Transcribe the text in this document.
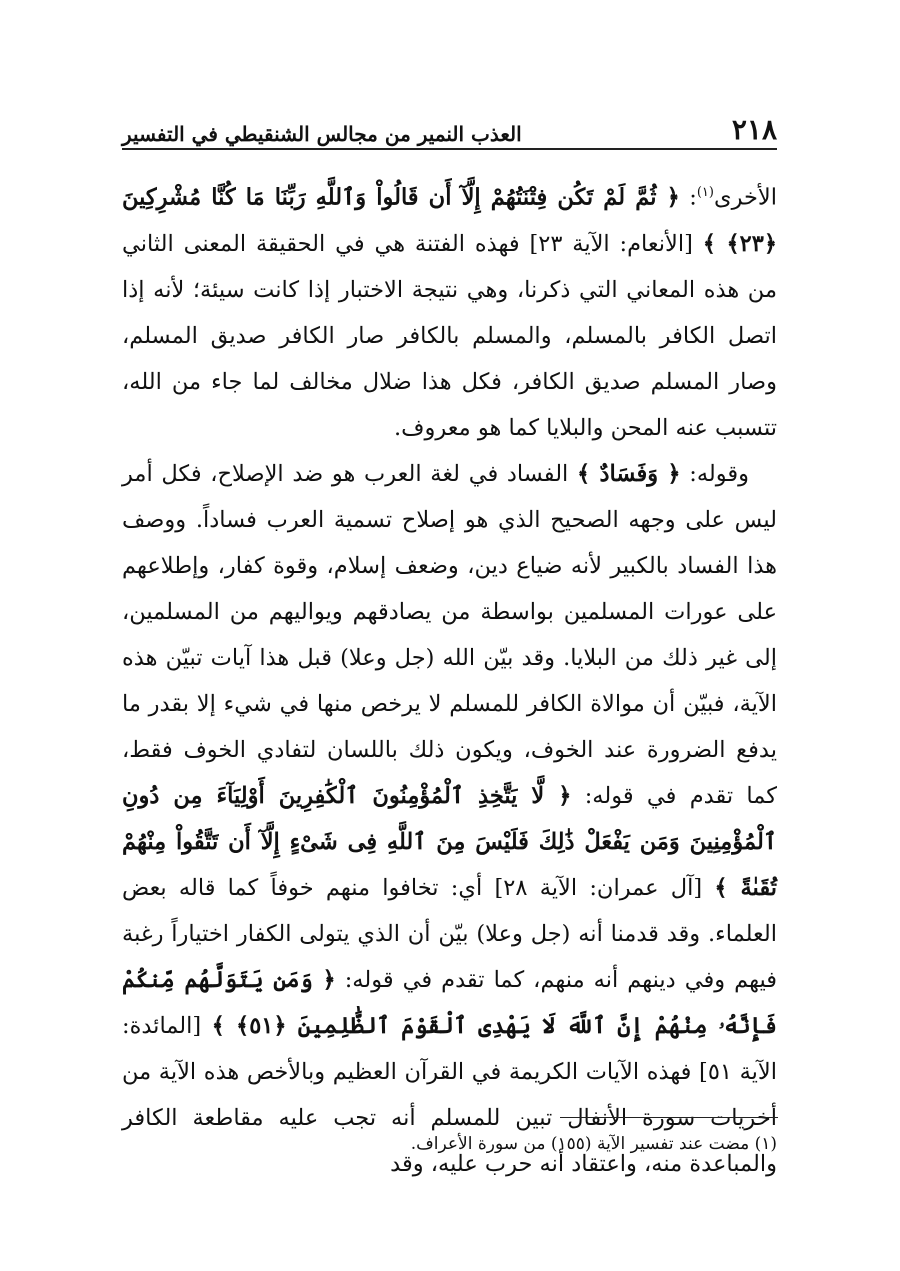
٢١٨
العذب النمير من مجالس الشنقيطي في التفسير

الأخرى$^{(١)}$: ﴿ ثُمَّ لَمْ تَكُن فِتْنَتُهُمْ إِلَّآ أَن قَالُواْ وَٱللَّهِ رَبِّنَا مَا كُنَّا مُشْرِكِينَ ﴿٢٣﴾ ﴾ [الأنعام: الآية ٢٣] فهذه الفتنة هي في الحقيقة المعنى الثاني من هذه المعاني التي ذكرنا، وهي نتيجة الاختبار إذا كانت سيئة؛ لأنه إذا اتصل الكافر بالمسلم، والمسلم بالكافر صار الكافر صديق المسلم، وصار المسلم صديق الكافر، فكل هذا ضلال مخالف لما جاء من الله، تتسبب عنه المحن والبلايا كما هو معروف.

وقوله: ﴿ وَفَسَادٌ ﴾ الفساد في لغة العرب هو ضد الإصلاح، فكل أمر ليس على وجهه الصحيح الذي هو إصلاح تسمية العرب فساداً. ووصف هذا الفساد بالكبير لأنه ضياع دين، وضعف إسلام، وقوة كفار، وإطلاعهم على عورات المسلمين بواسطة من يصادقهم ويواليهم من المسلمين، إلى غير ذلك من البلايا. وقد بيّن الله (جل وعلا) قبل هذا آيات تبيّن هذه الآية، فبيّن أن موالاة الكافر للمسلم لا يرخص منها في شيء إلا بقدر ما يدفع الضرورة عند الخوف، ويكون ذلك باللسان لتفادي الخوف فقط، كما تقدم في قوله: ﴿ لَّا يَتَّخِذِ ٱلْمُؤْمِنُونَ ٱلْكَٰفِرِينَ أَوْلِيَآءَ مِن دُونِ ٱلْمُؤْمِنِينَ وَمَن يَفْعَلْ ذَٰلِكَ فَلَيْسَ مِنَ ٱللَّهِ فِى شَىْءٍ إِلَّآ أَن تَتَّقُواْ مِنْهُمْ تُقَىٰةً ﴾ [آل عمران: الآية ٢٨] أي: تخافوا منهم خوفاً كما قاله بعض العلماء. وقد قدمنا أنه (جل وعلا) بيّن أن الذي يتولى الكفار اختياراً رغبة فيهم وفي دينهم أنه منهم، كما تقدم في قوله: ﴿ وَمَن يَتَوَلَّهُم مِّنكُمْ فَإِنَّهُۥ مِنْهُمْ إِنَّ ٱللَّهَ لَا يَهْدِى ٱلْقَوْمَ ٱلظَّٰلِمِينَ ﴿٥١﴾ ﴾ [المائدة: الآية ٥١] فهذه الآيات الكريمة في القرآن العظيم وبالأخص هذه الآية من أخريات سورة الأنفال تبين للمسلم أنه تجب عليه مقاطعة الكافر والمباعدة منه، واعتقاد أنه حرب عليه، وقد

(١) مضت عند تفسير الآية (١٥٥) من سورة الأعراف.
